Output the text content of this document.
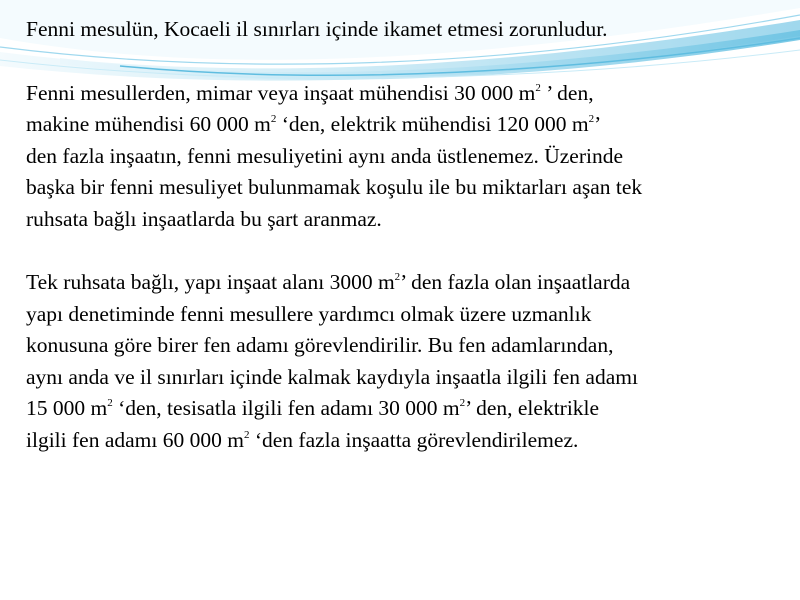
Fenni mesulün, Kocaeli il sınırları içinde ikamet etmesi zorunludur.
Fenni mesullerden, mimar veya inşaat mühendisi 30 000 $m^2$ ’ den,
makine mühendisi 60 000 $m^2$ ‘den, elektrik mühendisi 120 000 $m^2$’
den fazla inşaatın, fenni mesuliyetini aynı anda üstlenemez. Üzerinde
başka bir fenni mesuliyet bulunmamak koşulu ile bu miktarları aşan tek
ruhsata bağlı inşaatlarda bu şart aranmaz.
Tek ruhsata bağlı, yapı inşaat alanı 3000 $m^2$’ den fazla olan inşaatlarda
yapı denetiminde fenni mesullere yardımcı olmak üzere uzmanlık
konusuna göre birer fen adamı görevlendirilir. Bu fen adamlarından,
aynı anda ve il sınırları içinde kalmak kaydıyla inşaatla ilgili fen adamı
15 000 $m^2$ ‘den, tesisatla ilgili fen adamı 30 000 $m^2$’ den, elektrikle
ilgili fen adamı 60 000 $m^2$ ‘den fazla inşaatta görevlendirilemez.
